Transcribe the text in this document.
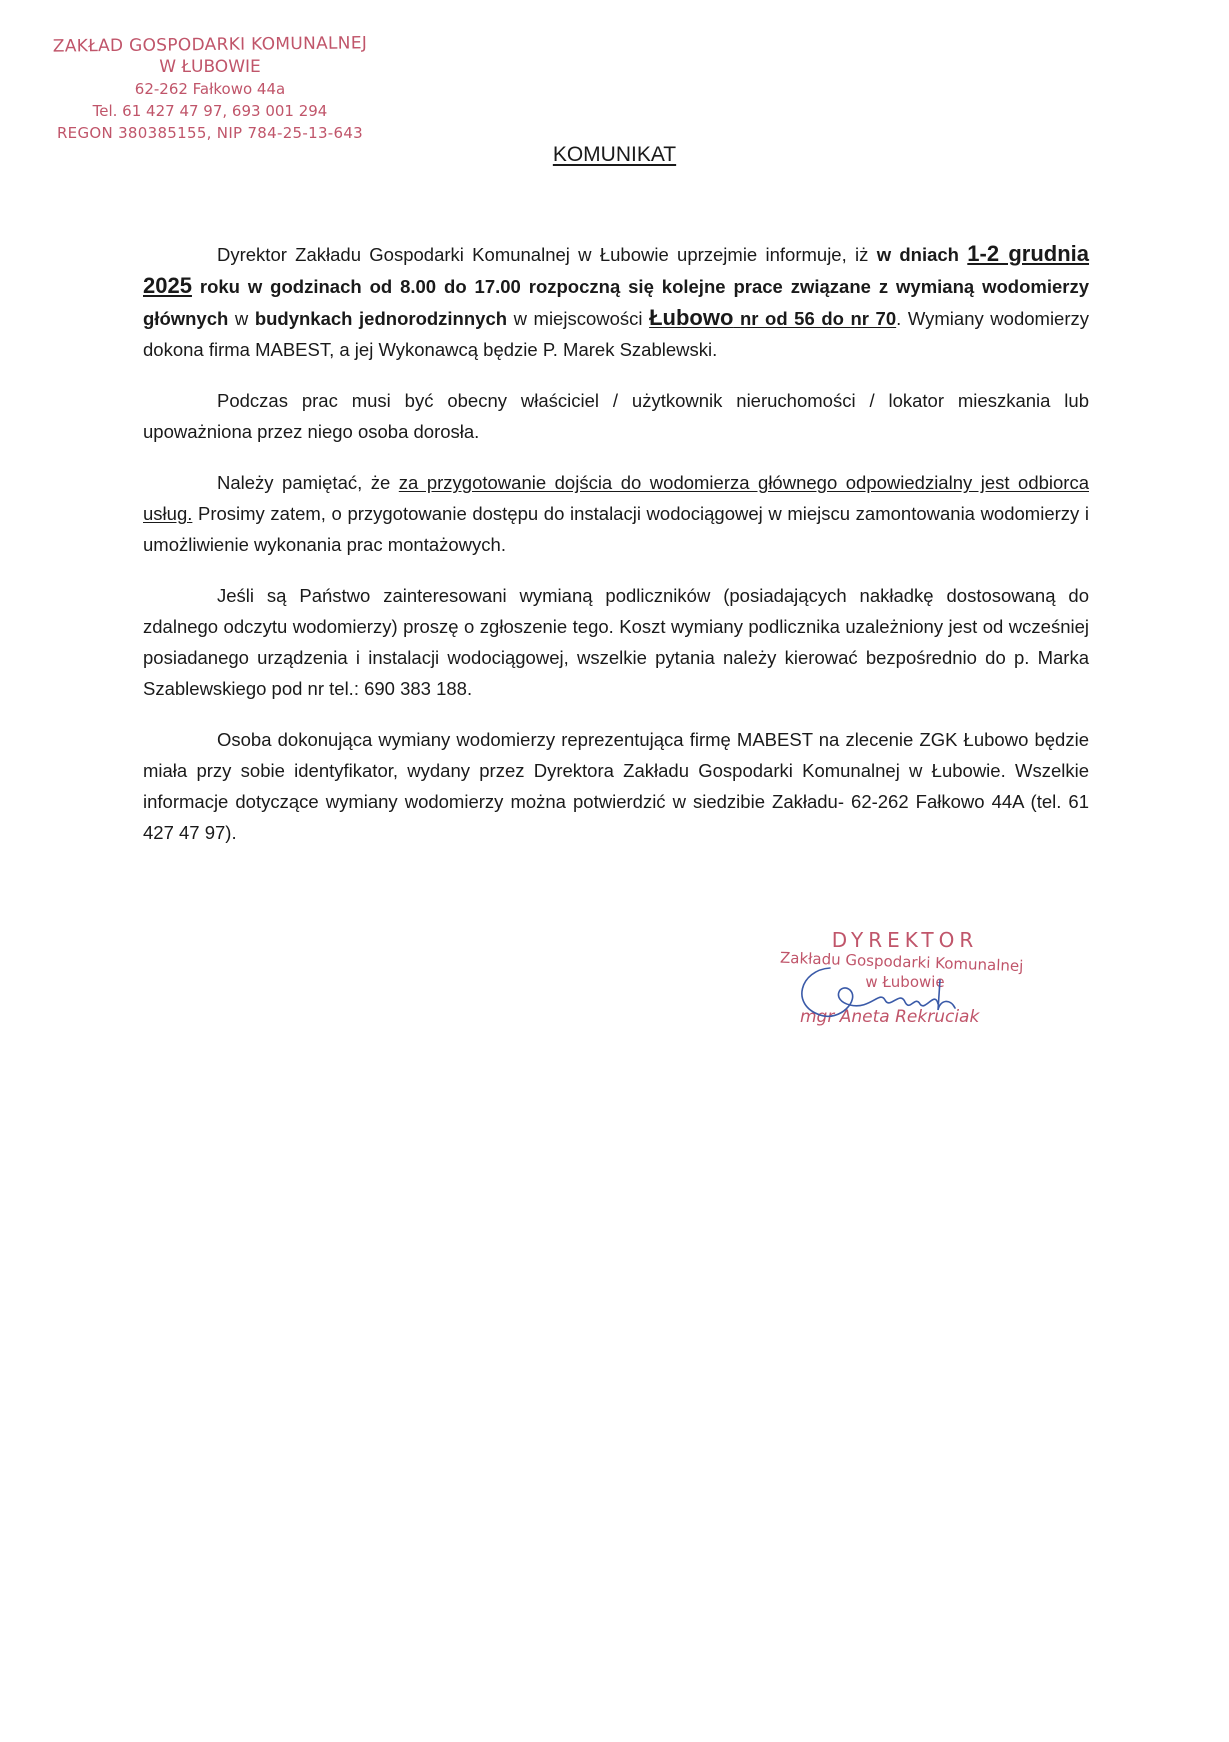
ZAKŁAD GOSPODARKI KOMUNALNEJ
W ŁUBOWIE
62-262 Fałkowo 44a
Tel. 61 427 47 97, 693 001 294
REGON 380385155, NIP 784-25-13-643
KOMUNIKAT

Dyrektor Zakładu Gospodarki Komunalnej w Łubowie uprzejmie informuje, iż w dniach 1-2 grudnia 2025 roku w godzinach od 8.00 do 17.00 rozpoczną się kolejne prace związane z wymianą wodomierzy głównych w budynkach jednorodzinnych w miejscowości Łubowo nr od 56 do nr 70. Wymiany wodomierzy dokona firma MABEST, a jej Wykonawcą będzie P. Marek Szablewski.

Podczas prac musi być obecny właściciel / użytkownik nieruchomości / lokator mieszkania lub upoważniona przez niego osoba dorosła.

Należy pamiętać, że za przygotowanie dojścia do wodomierza głównego odpowiedzialny jest odbiorca usług. Prosimy zatem, o przygotowanie dostępu do instalacji wodociągowej w miejscu zamontowania wodomierzy i umożliwienie wykonania prac montażowych.

Jeśli są Państwo zainteresowani wymianą podliczników (posiadających nakładkę dostosowaną do zdalnego odczytu wodomierzy) proszę o zgłoszenie tego. Koszt wymiany podlicznika uzależniony jest od wcześniej posiadanego urządzenia i instalacji wodociągowej, wszelkie pytania należy kierować bezpośrednio do p. Marka Szablewskiego pod nr tel.: 690 383 188.

Osoba dokonująca wymiany wodomierzy reprezentująca firmę MABEST na zlecenie ZGK Łubowo będzie miała przy sobie identyfikator, wydany przez Dyrektora Zakładu Gospodarki Komunalnej w Łubowie. Wszelkie informacje dotyczące wymiany wodomierzy można potwierdzić w siedzibie Zakładu- 62-262 Fałkowo 44A (tel. 61 427 47 97).

DYREKTOR
Zakładu Gospodarki Komunalnej
w Łubowie
mgr Aneta Rekruciak
